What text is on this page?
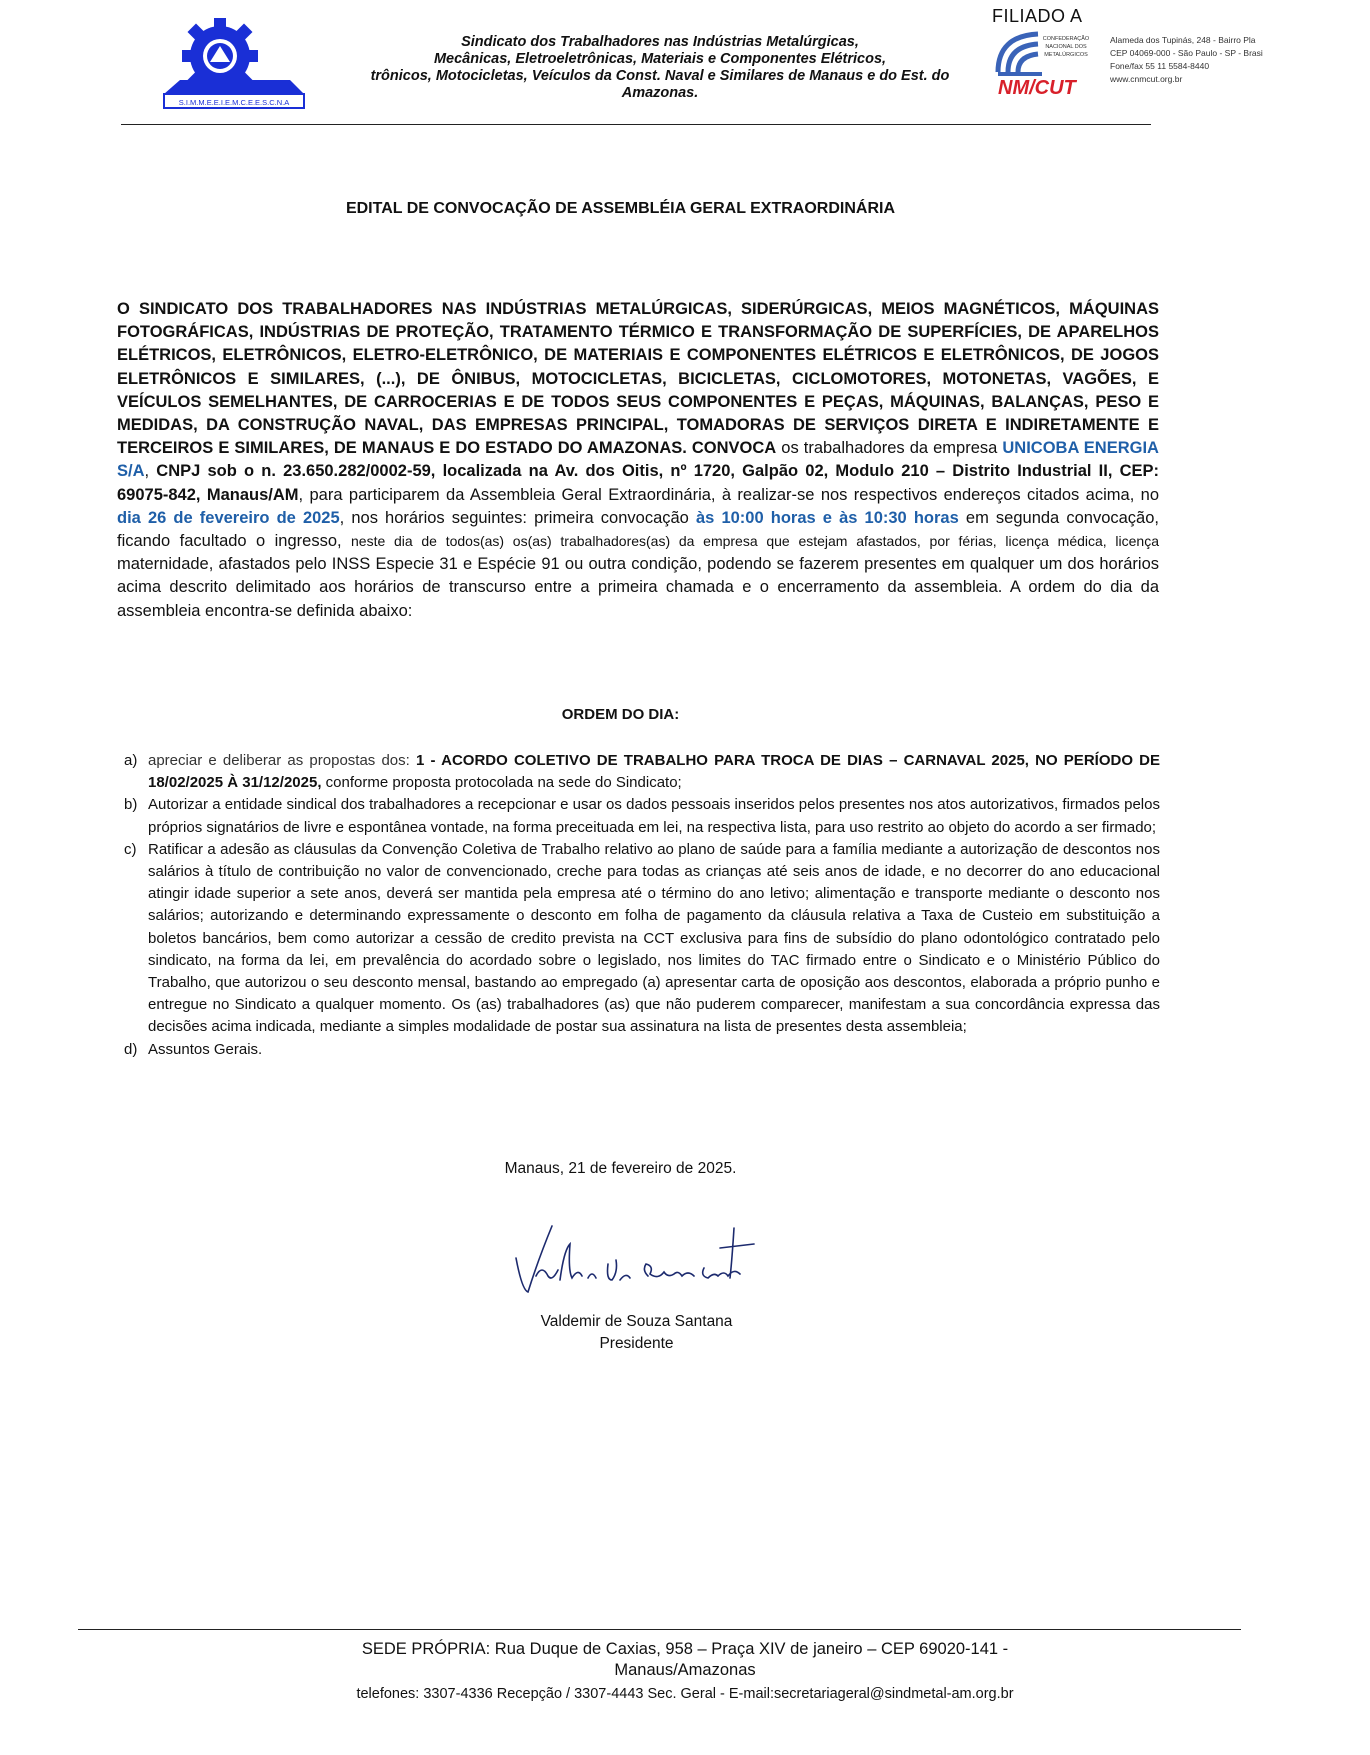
S.I.M.M.E.E.I.E.M.C.E.E.S.C.N.A
Sindicato dos Trabalhadores nas Indústrias Metalúrgicas,
Mecânicas, Eletroeletrônicas, Materiais e Componentes Elétricos,
trônicos, Motocicletas, Veículos da Const. Naval e Similares de Manaus e do Est. do
Amazonas.
FILIADO A
CONFEDERAÇÃO
NACIONAL DOS
METALÚRGICOS
NM/CUT
Alameda dos Tupinás, 248 - Bairro Pla
CEP 04069-000 - São Paulo - SP - Brasi
Fone/fax 55 11 5584-8440
www.cnmcut.org.br
EDITAL DE CONVOCAÇÃO DE ASSEMBLÉIA GERAL EXTRAORDINÁRIA
O SINDICATO DOS TRABALHADORES NAS INDÚSTRIAS METALÚRGICAS, SIDERÚRGICAS, MEIOS MAGNÉTICOS, MÁQUINAS FOTOGRÁFICAS, INDÚSTRIAS DE PROTEÇÃO, TRATAMENTO TÉRMICO E TRANSFORMAÇÃO DE SUPERFÍCIES, DE APARELHOS ELÉTRICOS, ELETRÔNICOS, ELETRO-ELETRÔNICO, DE MATERIAIS E COMPONENTES ELÉTRICOS E ELETRÔNICOS, DE JOGOS ELETRÔNICOS E SIMILARES, (...), DE ÔNIBUS, MOTOCICLETAS, BICICLETAS, CICLOMOTORES, MOTONETAS, VAGÕES, E VEÍCULOS SEMELHANTES, DE CARROCERIAS E DE TODOS SEUS COMPONENTES E PEÇAS, MÁQUINAS, BALANÇAS, PESO E MEDIDAS, DA CONSTRUÇÃO NAVAL, DAS EMPRESAS PRINCIPAL, TOMADORAS DE SERVIÇOS DIRETA E INDIRETAMENTE E TERCEIROS E SIMILARES, DE MANAUS E DO ESTADO DO AMAZONAS. CONVOCA os trabalhadores da empresa UNICOBA ENERGIA S/A, CNPJ sob o n. 23.650.282/0002-59, localizada na Av. dos Oitis, nº 1720, Galpão 02, Modulo 210 – Distrito Industrial II, CEP: 69075-842, Manaus/AM, para participarem da Assembleia Geral Extraordinária, à realizar-se nos respectivos endereços citados acima, no dia 26 de fevereiro de 2025, nos horários seguintes: primeira convocação às 10:00 horas e às 10:30 horas em segunda convocação, ficando facultado o ingresso, neste dia de todos(as) os(as) trabalhadores(as) da empresa que estejam afastados, por férias, licença médica, licença maternidade, afastados pelo INSS Especie 31 e Espécie 91 ou outra condição, podendo se fazerem presentes em qualquer um dos horários acima descrito delimitado aos horários de transcurso entre a primeira chamada e o encerramento da assembleia. A ordem do dia da assembleia encontra-se definida abaixo:
ORDEM DO DIA:
a) apreciar e deliberar as propostas dos: 1 - ACORDO COLETIVO DE TRABALHO PARA TROCA DE DIAS – CARNAVAL 2025, NO PERÍODO DE 18/02/2025 À 31/12/2025, conforme proposta protocolada na sede do Sindicato;
b) Autorizar a entidade sindical dos trabalhadores a recepcionar e usar os dados pessoais inseridos pelos presentes nos atos autorizativos, firmados pelos próprios signatários de livre e espontânea vontade, na forma preceituada em lei, na respectiva lista, para uso restrito ao objeto do acordo a ser firmado;
c) Ratificar a adesão as cláusulas da Convenção Coletiva de Trabalho relativo ao plano de saúde para a família mediante a autorização de descontos nos salários à título de contribuição no valor de convencionado, creche para todas as crianças até seis anos de idade, e no decorrer do ano educacional atingir idade superior a sete anos, deverá ser mantida pela empresa até o término do ano letivo; alimentação e transporte mediante o desconto nos salários; autorizando e determinando expressamente o desconto em folha de pagamento da cláusula relativa a Taxa de Custeio em substituição a boletos bancários, bem como autorizar a cessão de credito prevista na CCT exclusiva para fins de subsídio do plano odontológico contratado pelo sindicato, na forma da lei, em prevalência do acordado sobre o legislado, nos limites do TAC firmado entre o Sindicato e o Ministério Público do Trabalho, que autorizou o seu desconto mensal, bastando ao empregado (a) apresentar carta de oposição aos descontos, elaborada a próprio punho e entregue no Sindicato a qualquer momento. Os (as) trabalhadores (as) que não puderem comparecer, manifestam a sua concordância expressa das decisões acima indicada, mediante a simples modalidade de postar sua assinatura na lista de presentes desta assembleia;
d) Assuntos Gerais.
Manaus, 21 de fevereiro de 2025.
Valdemir de Souza Santana
Presidente
SEDE PRÓPRIA: Rua Duque de Caxias, 958 – Praça XIV de janeiro – CEP 69020-141 -
Manaus/Amazonas
telefones: 3307-4336 Recepção / 3307-4443 Sec. Geral - E-mail:secretariageral@sindmetal-am.org.br
